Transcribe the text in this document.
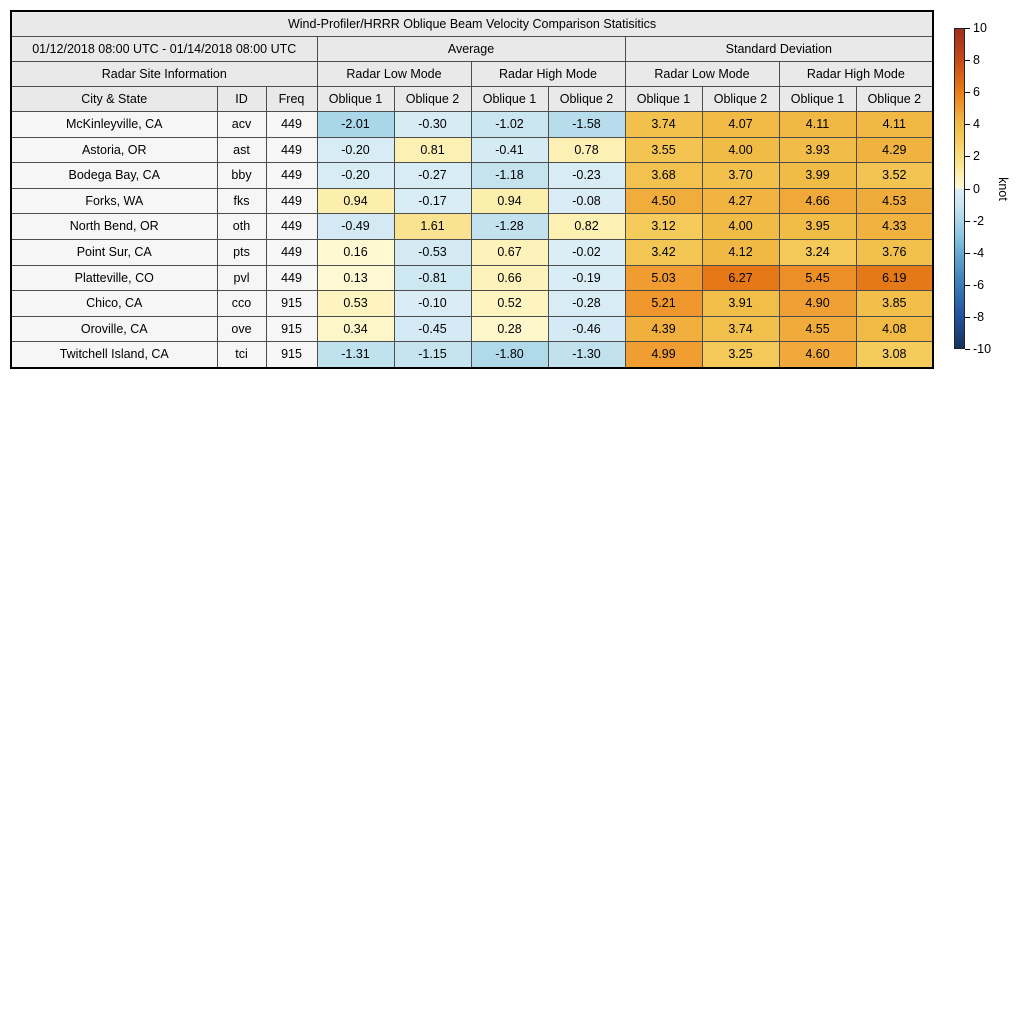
Wind-Profiler/HRRR Oblique Beam Velocity Comparison Statisitics										
01/12/2018 08:00 UTC - 01/14/2018 08:00 UTC			Average				Standard Deviation			
Radar Site Information			Radar Low Mode		Radar High Mode		Radar Low Mode		Radar High Mode	
City & State	ID	Freq	Oblique 1	Oblique 2	Oblique 1	Oblique 2	Oblique 1	Oblique 2	Oblique 1	Oblique 2
McKinleyville, CA	acv	449	-2.01	-0.30	-1.02	-1.58	3.74	4.07	4.11	4.11
Astoria, OR	ast	449	-0.20	0.81	-0.41	0.78	3.55	4.00	3.93	4.29
Bodega Bay, CA	bby	449	-0.20	-0.27	-1.18	-0.23	3.68	3.70	3.99	3.52
Forks, WA	fks	449	0.94	-0.17	0.94	-0.08	4.50	4.27	4.66	4.53
North Bend, OR	oth	449	-0.49	1.61	-1.28	0.82	3.12	4.00	3.95	4.33
Point Sur, CA	pts	449	0.16	-0.53	0.67	-0.02	3.42	4.12	3.24	3.76
Platteville, CO	pvl	449	0.13	-0.81	0.66	-0.19	5.03	6.27	5.45	6.19
Chico, CA	cco	915	0.53	-0.10	0.52	-0.28	5.21	3.91	4.90	3.85
Oroville, CA	ove	915	0.34	-0.45	0.28	-0.46	4.39	3.74	4.55	4.08
Twitchell Island, CA	tci	915	-1.31	-1.15	-1.80	-1.30	4.99	3.25	4.60	3.08
10
8
6
4
2
0
-2
-4
-6
-8
-10
knot
